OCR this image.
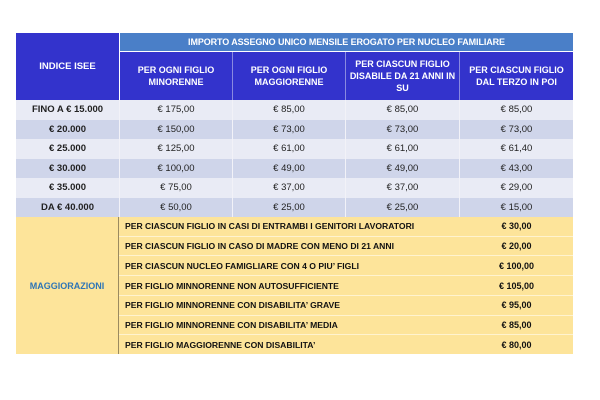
INDICE ISEE
IMPORTO ASSEGNO UNICO MENSILE EROGATO PER NUCLEO FAMILIARE
PER OGNI FIGLIO MINORENNE
PER OGNI FIGLIO MAGGIORENNE
PER CIASCUN FIGLIO DISABILE DA 21 ANNI IN SU
PER CIASCUN FIGLIO DAL TERZO IN POI
FINO A € 15.000	€ 175,00	€ 85,00	€ 85,00	€ 85,00
€ 20.000	€ 150,00	€ 73,00	€ 73,00	€ 73,00
€ 25.000	€ 125,00	€ 61,00	€ 61,00	€ 61,40
€ 30.000	€ 100,00	€ 49,00	€ 49,00	€ 43,00
€ 35.000	€ 75,00	€ 37,00	€ 37,00	€ 29,00
DA € 40.000	€ 50,00	€ 25,00	€ 25,00	€ 15,00
MAGGIORAZIONI
PER CIASCUN FIGLIO IN CASI DI ENTRAMBI I GENITORI LAVORATORI	€ 30,00
PER CIASCUN FIGLIO IN CASO DI MADRE CON MENO DI 21 ANNI	€ 20,00
PER CIASCUN NUCLEO FAMIGLIARE CON 4 O PIU’ FIGLI	€ 100,00
PER FIGLIO MINNORENNE NON AUTOSUFFICIENTE	€ 105,00
PER FIGLIO MINNORENNE CON DISABILITA’ GRAVE	€ 95,00
PER FIGLIO MINNORENNE CON DISABILITA’ MEDIA	€ 85,00
PER FIGLIO MAGGIORENNE CON DISABILITA’	€ 80,00
